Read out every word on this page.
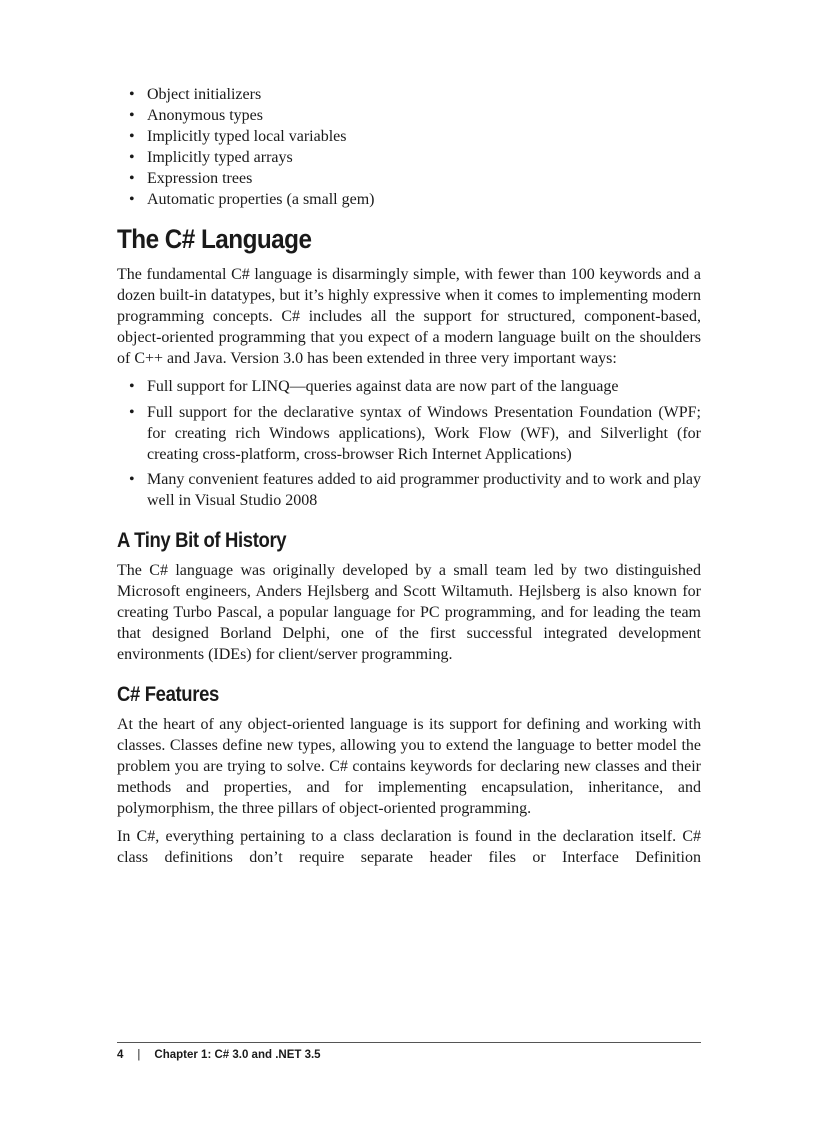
• Object initializers
• Anonymous types
• Implicitly typed local variables
• Implicitly typed arrays
• Expression trees
• Automatic properties (a small gem)
The C# Language

The fundamental C# language is disarmingly simple, with fewer than 100 keywords and a dozen built-in datatypes, but it’s highly expressive when it comes to implementing modern programming concepts. C# includes all the support for structured, component-based, object-oriented programming that you expect of a modern language built on the shoulders of C++ and Java. Version 3.0 has been extended in three very important ways:

• Full support for LINQ—queries against data are now part of the language
• Full support for the declarative syntax of Windows Presentation Foundation (WPF; for creating rich Windows applications), Work Flow (WF), and Silverlight (for creating cross-platform, cross-browser Rich Internet Applications)
• Many convenient features added to aid programmer productivity and to work and play well in Visual Studio 2008
A Tiny Bit of History

The C# language was originally developed by a small team led by two distinguished Microsoft engineers, Anders Hejlsberg and Scott Wiltamuth. Hejlsberg is also known for creating Turbo Pascal, a popular language for PC programming, and for leading the team that designed Borland Delphi, one of the first successful integrated development environments (IDEs) for client/server programming.

C# Features

At the heart of any object-oriented language is its support for defining and working with classes. Classes define new types, allowing you to extend the language to better model the problem you are trying to solve. C# contains keywords for declaring new classes and their methods and properties, and for implementing encapsulation, inheritance, and polymorphism, the three pillars of object-oriented programming.

In C#, everything pertaining to a class declaration is found in the declaration itself. C# class definitions don’t require separate header files or Interface Definition

4 | Chapter 1: C# 3.0 and .NET 3.5
